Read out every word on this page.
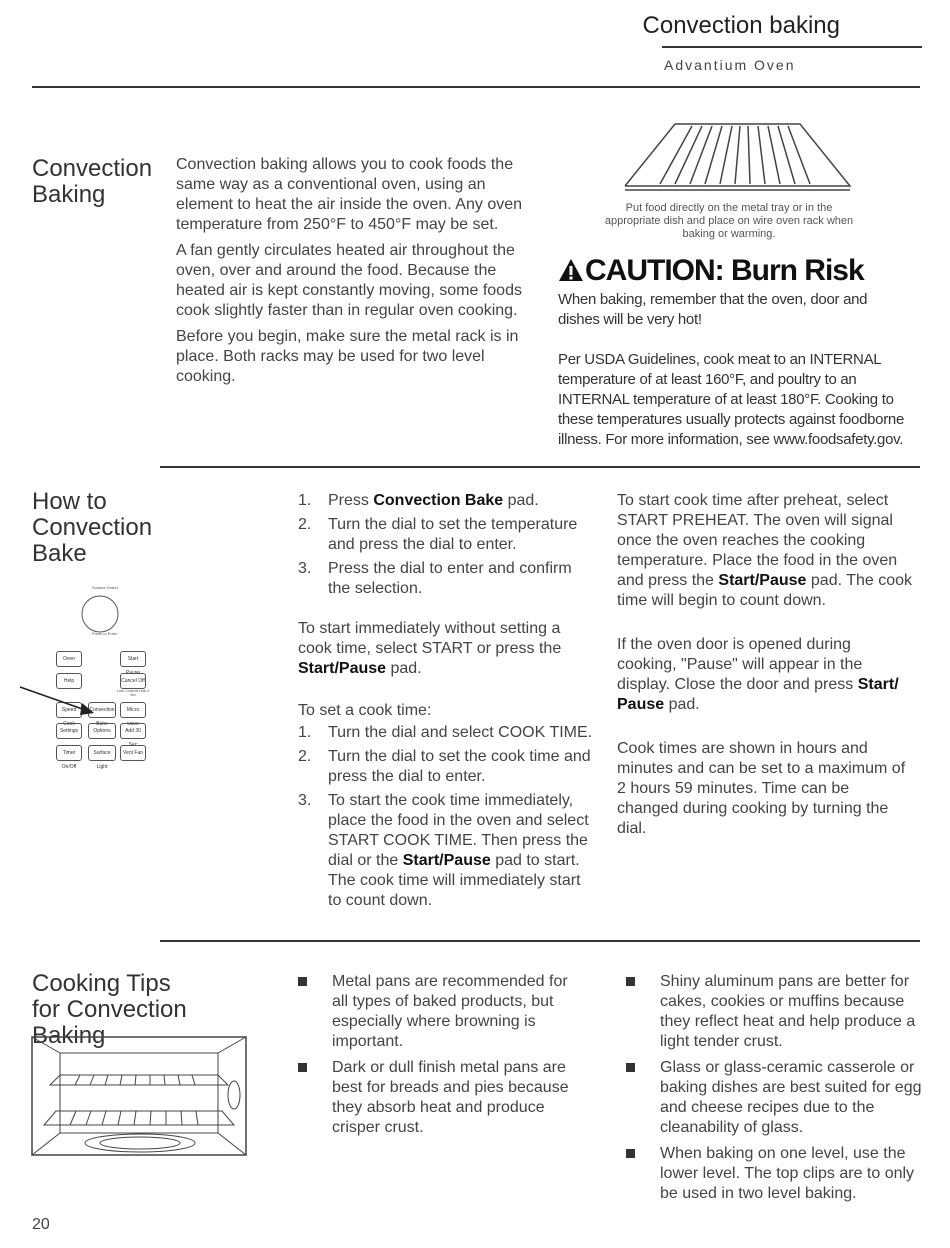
Convection baking
Advantium Oven
Convection
Baking

Convection baking allows you to cook foods the same way as a conventional oven, using an element to heat the air inside the oven. Any oven temperature from 250°F to 450°F may be set.

A fan gently circulates heated air throughout the oven, over and around the food. Because the heated air is kept constantly moving, some foods cook slightly faster than in regular oven cooking.

Before you begin, make sure the metal rack is in place. Both racks may be used for two level cooking.

Put food directly on the metal tray or in the appropriate dish and place on wire oven rack when baking or warming.
CAUTION: Burn Risk
When baking, remember that the oven, door and dishes will be very hot!
Per USDA Guidelines, cook meat to an INTERNAL temperature of at least 160°F, and poultry to an INTERNAL temperature of at least 180°F. Cooking to these temperatures usually protects against foodborne illness. For more information, see www.foodsafety.gov.
How to
Convection
Bake
Surface Select
Press to Enter
Oven	Start Pause
Help	Cancel Off
Lock Controls Hold 3 Sec
Speed Cook
Convection Bake
Micro wave
Settings	Options	Add 30 Sec
Timer On/Off
Surface Light
Vent Fan
1. Press Convection Bake pad.
2. Turn the dial to set the temperature and press the dial to enter.
3. Press the dial to enter and confirm the selection.

To start immediately without setting a cook time, select START or press the Start/Pause pad.

To set a cook time:

1. Turn the dial and select COOK TIME.
2. Turn the dial to set the cook time and press the dial to enter.
3. To start the cook time immediately, place the food in the oven and select START COOK TIME. Then press the dial or the Start/Pause pad to start. The cook time will immediately start to count down.

To start cook time after preheat, select START PREHEAT. The oven will signal once the oven reaches the cooking temperature. Place the food in the oven and press the Start/Pause pad. The cook time will begin to count down.

If the oven door is opened during cooking, "Pause" will appear in the display. Close the door and press Start/ Pause pad.

Cook times are shown in hours and minutes and can be set to a maximum of 2 hours 59 minutes. Time can be changed during cooking by turning the dial.

Cooking Tips
for Convection
Baking
Metal pans are recommended for all types of baked products, but especially where browning is important.
Dark or dull finish metal pans are best for breads and pies because they absorb heat and produce crisper crust.
Shiny aluminum pans are better for cakes, cookies or muffins because they reflect heat and help produce a light tender crust.
Glass or glass-ceramic casserole or baking dishes are best suited for egg and cheese recipes due to the cleanability of glass.
When baking on one level, use the lower level. The top clips are to only be used in two level baking.
20
